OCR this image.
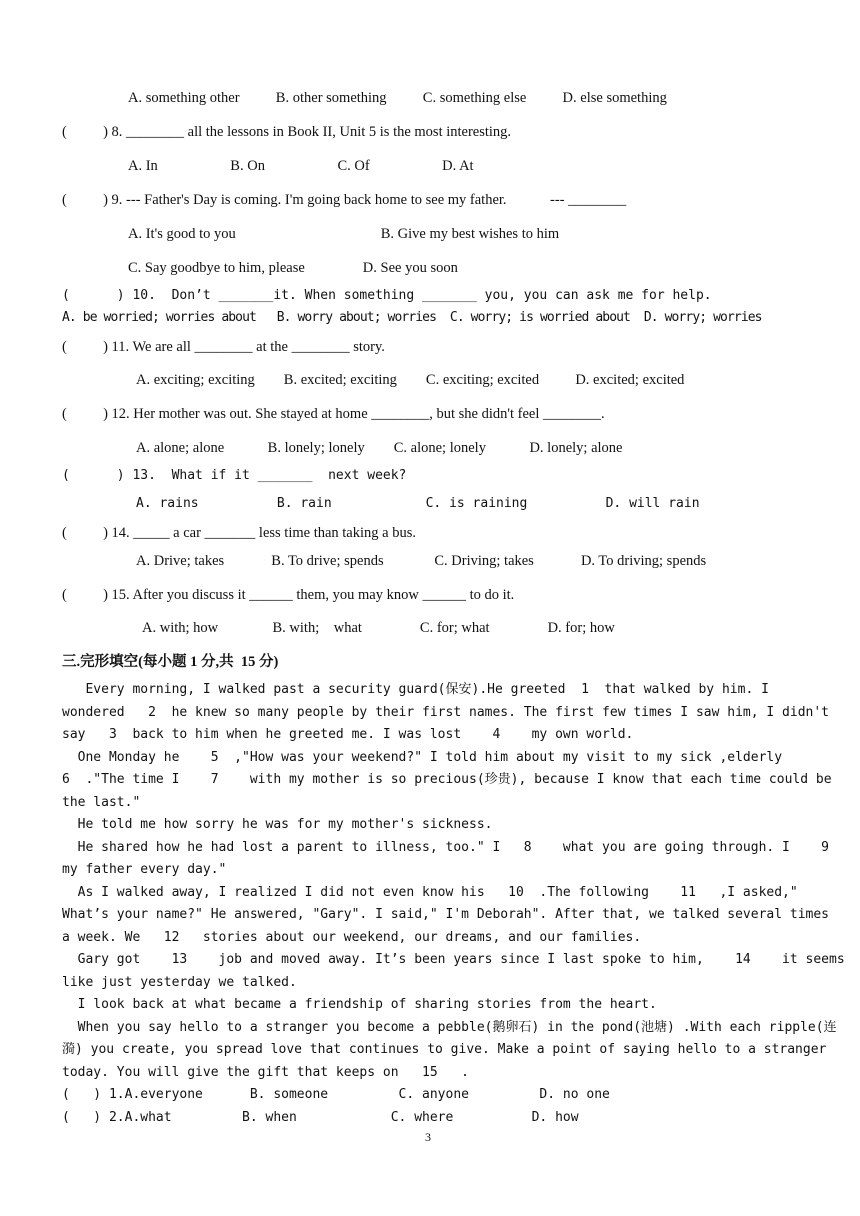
A. something other          B. other something          C. something else          D. else something
(          ) 8. ________ all the lessons in Book II, Unit 5 is the most interesting.
A. In                    B. On                    C. Of                    D. At
(          ) 9. --- Father's Day is coming. I'm going back home to see my father.            --- ________
A. It's good to you                                        B. Give my best wishes to him
C. Say goodbye to him, please                D. See you soon
(      ) 10.  Don’t _______it. When something _______ you, you can ask me for help.
A. be worried; worries about   B. worry about; worries  C. worry; is worried about  D. worry; worries
(          ) 11. We are all ________ at the ________ story.
A. exciting; exciting        B. excited; exciting        C. exciting; excited          D. excited; excited
(          ) 12. Her mother was out. She stayed at home ________, but she didn't feel ________.
A. alone; alone            B. lonely; lonely        C. alone; lonely            D. lonely; alone
(      ) 13.  What if it _______  next week?
A. rains          B. rain            C. is raining          D. will rain
(          ) 14. _____ a car _______ less time than taking a bus.
A. Drive; takes             B. To drive; spends              C. Driving; takes             D. To driving; spends
(          ) 15. After you discuss it ______ them, you may know ______ to do it.
A. with; how               B. with;    what                C. for; what                D. for; how
三.完形填空(每小题 1 分,共  15 分)
Every morning, I walked past a security guard(保安).He greeted  1  that walked by him. I
wondered   2  he knew so many people by their first names. The first few times I saw him, I didn't
say   3  back to him when he greeted me. I was lost    4    my own world.
One Monday he    5  ,"How was your weekend?" I told him about my visit to my sick ,elderly
6  ."The time I    7    with my mother is so precious(珍贵), because I know that each time could be
the last."
He told me how sorry he was for my mother's sickness.
He shared how he had lost a parent to illness, too." I   8    what you are going through. I    9
my father every day."
As I walked away, I realized I did not even know his   10  .The following    11   ,I asked,"
What’s your name?" He answered, "Gary". I said," I'm Deborah". After that, we talked several times
a week. We   12   stories about our weekend, our dreams, and our families.
Gary got    13    job and moved away. It’s been years since I last spoke to him,    14    it seems
like just yesterday we talked.
I look back at what became a friendship of sharing stories from the heart.
When you say hello to a stranger you become a pebble(鹅卵石) in the pond(池塘) .With each ripple(连
漪) you create, you spread love that continues to give. Make a point of saying hello to a stranger
today. You will give the gift that keeps on   15   .
(   ) 1.A.everyone      B. someone         C. anyone         D. no one
(   ) 2.A.what         B. when            C. where          D. how
3
